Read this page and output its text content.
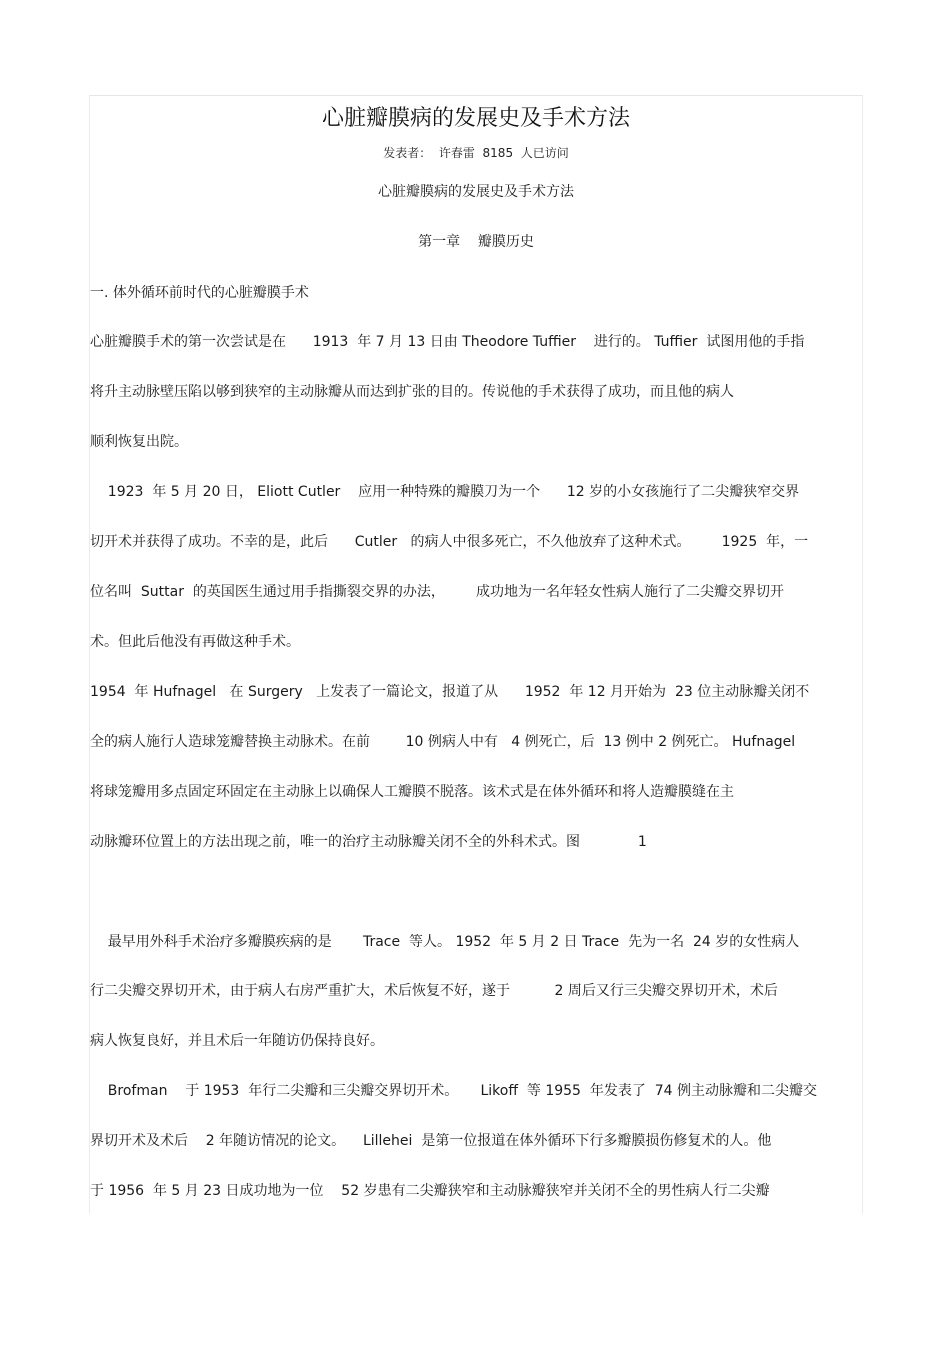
心脏瓣膜病的发展史及手术方法
发表者：  许春雷  8185  人已访问
心脏瓣膜病的发展史及手术方法
第一章    瓣膜历史
一. 体外循环前时代的心脏瓣膜手术
心脏瓣膜手术的第一次尝试是在      1913  年 7 月 13 日由 Theodore Tuffier    进行的。 Tuffier  试图用他的手指
将升主动脉壁压陷以够到狭窄的主动脉瓣从而达到扩张的目的。传说他的手术获得了成功，而且他的病人
顺利恢复出院。
1923  年 5 月 20 日， Eliott Cutler    应用一种特殊的瓣膜刀为一个      12 岁的小女孩施行了二尖瓣狭窄交界
切开术并获得了成功。不幸的是，此后      Cutler   的病人中很多死亡，不久他放弃了这种术式。       1925  年，一
位名叫  Suttar  的英国医生通过用手指撕裂交界的办法，       成功地为一名年轻女性病人施行了二尖瓣交界切开
术。但此后他没有再做这种手术。
1954  年 Hufnagel   在 Surgery   上发表了一篇论文，报道了从      1952  年 12 月开始为  23 位主动脉瓣关闭不
全的病人施行人造球笼瓣替换主动脉术。在前        10 例病人中有   4 例死亡，后  13 例中 2 例死亡。 Hufnagel
将球笼瓣用多点固定环固定在主动脉上以确保人工瓣膜不脱落。该术式是在体外循环和将人造瓣膜缝在主
动脉瓣环位置上的方法出现之前，唯一的治疗主动脉瓣关闭不全的外科术式。图             1
最早用外科手术治疗多瓣膜疾病的是       Trace  等人。 1952  年 5 月 2 日 Trace  先为一名  24 岁的女性病人
行二尖瓣交界切开术，由于病人右房严重扩大，术后恢复不好，遂于          2 周后又行三尖瓣交界切开术，术后
病人恢复良好，并且术后一年随访仍保持良好。
Brofman    于 1953  年行二尖瓣和三尖瓣交界切开术。     Likoff  等 1955  年发表了  74 例主动脉瓣和二尖瓣交
界切开术及术后    2 年随访情况的论文。    Lillehei  是第一位报道在体外循环下行多瓣膜损伤修复术的人。他
于 1956  年 5 月 23 日成功地为一位    52 岁患有二尖瓣狭窄和主动脉瓣狭窄并关闭不全的男性病人行二尖瓣
